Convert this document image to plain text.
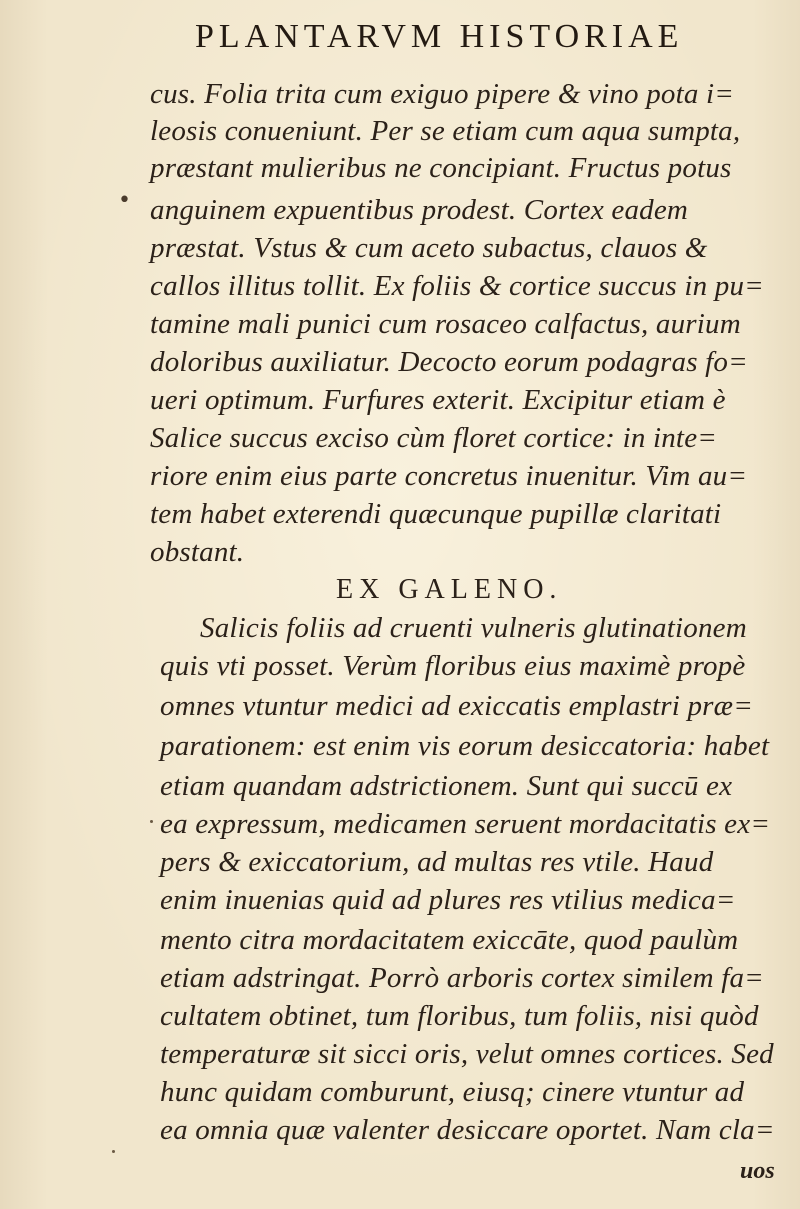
PLANTARVM HISTORIAE
•
cus. Folia trita cum exiguo pipere & vino pota i=
leosis conueniunt. Per se etiam cum aqua sumpta,
præstant mulieribus ne concipiant. Fructus potus
anguinem expuentibus prodest. Cortex eadem
præstat. Vstus & cum aceto subactus, clauos &
callos illitus tollit. Ex foliis & cortice succus in pu=
tamine mali punici cum rosaceo calfactus, aurium
doloribus auxiliatur. Decocto eorum podagras fo=
ueri optimum. Furfures exterit. Excipitur etiam è
Salice succus exciso cùm floret cortice: in inte=
riore enim eius parte concretus inuenitur. Vim au=
tem habet exterendi quæcunque pupillæ claritati
obstant.
EX GALENO.
Salicis foliis ad cruenti vulneris glutinationem
quis vti posset. Verùm floribus eius maximè propè
omnes vtuntur medici ad exiccatis emplastri præ=
parationem: est enim vis eorum desiccatoria: habet
etiam quandam adstrictionem. Sunt qui succū ex
ea expressum, medicamen seruent mordacitatis ex=
pers & exiccatorium, ad multas res vtile. Haud
enim inuenias quid ad plures res vtilius medica=
mento citra mordacitatem exiccāte, quod paulùm
etiam adstringat. Porrò arboris cortex similem fa=
cultatem obtinet, tum floribus, tum foliis, nisi quòd
temperaturæ sit sicci oris, velut omnes cortices. Sed
hunc quidam comburunt, eiusq; cinere vtuntur ad
ea omnia quæ valenter desiccare oportet. Nam cla=
uos
